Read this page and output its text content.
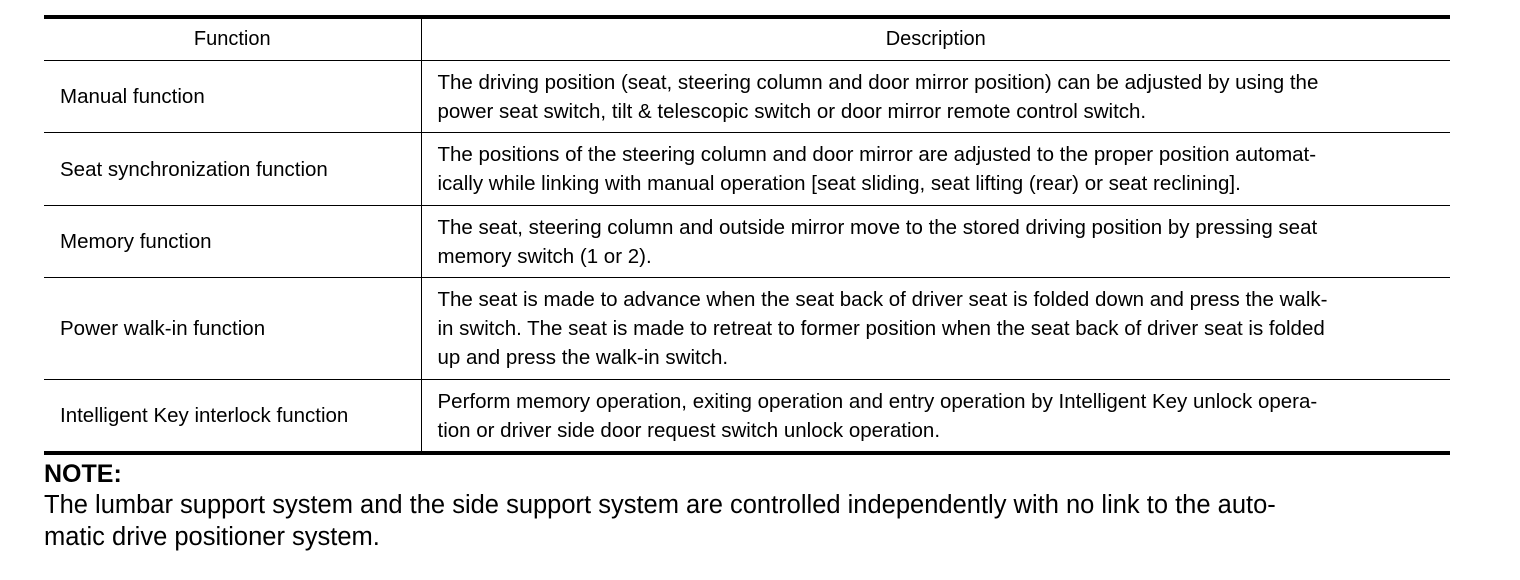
Function	Description
Manual function	The driving position (seat, steering column and door mirror position) can be adjusted by using the
power seat switch, tilt & telescopic switch or door mirror remote control switch.

Seat synchronization function	The positions of the steering column and door mirror are adjusted to the proper position automat-
ically while linking with manual operation [seat sliding, seat lifting (rear) or seat reclining].

Memory function	The seat, steering column and outside mirror move to the stored driving position by pressing seat
memory switch (1 or 2).

Power walk-in function	The seat is made to advance when the seat back of driver seat is folded down and press the walk-
in switch. The seat is made to retreat to former position when the seat back of driver seat is folded
up and press the walk-in switch.

Intelligent Key interlock function	Perform memory operation, exiting operation and entry operation by Intelligent Key unlock opera-
tion or driver side door request switch unlock operation.
NOTE:
The lumbar support system and the side support system are controlled independently with no link to the auto-
matic drive positioner system.
